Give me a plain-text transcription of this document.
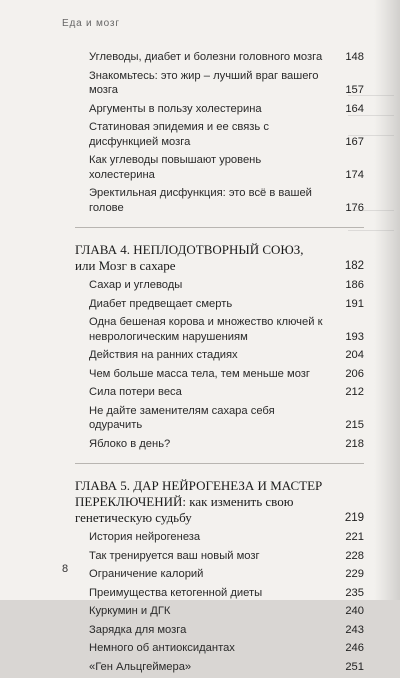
Еда и мозг
Углеводы, диабет и болезни головного мозга	148
Знакомьтесь: это жир – лучший враг вашего мозга	157
Аргументы в пользу холестерина	164
Статиновая эпидемия и ее связь с дисфункцией мозга	167
Как углеводы повышают уровень холестерина	174
Эректильная дисфункция: это всё в вашей голове	176
ГЛАВА 4. НЕПЛОДОТВОРНЫЙ СОЮЗ, или Мозг в сахаре	182
Сахар и углеводы	186
Диабет предвещает смерть	191
Одна бешеная корова и множество ключей к неврологическим нарушениям	193
Действия на ранних стадиях	204
Чем больше масса тела, тем меньше мозг	206
Сила потери веса	212
Не дайте заменителям сахара себя одурачить	215
Яблоко в день?	218
ГЛАВА 5. ДАР НЕЙРОГЕНЕЗА И МАСТЕР ПЕРЕКЛЮЧЕНИЙ: как изменить свою генетическую судьбу	219
История нейрогенеза	221
Так тренируется ваш новый мозг	228
Ограничение калорий	229
Преимущества кетогенной диеты	235
Куркумин и ДГК	240
Зарядка для мозга	243
Немного об антиоксидантах	246
«Ген Альцгеймера»	251
8
